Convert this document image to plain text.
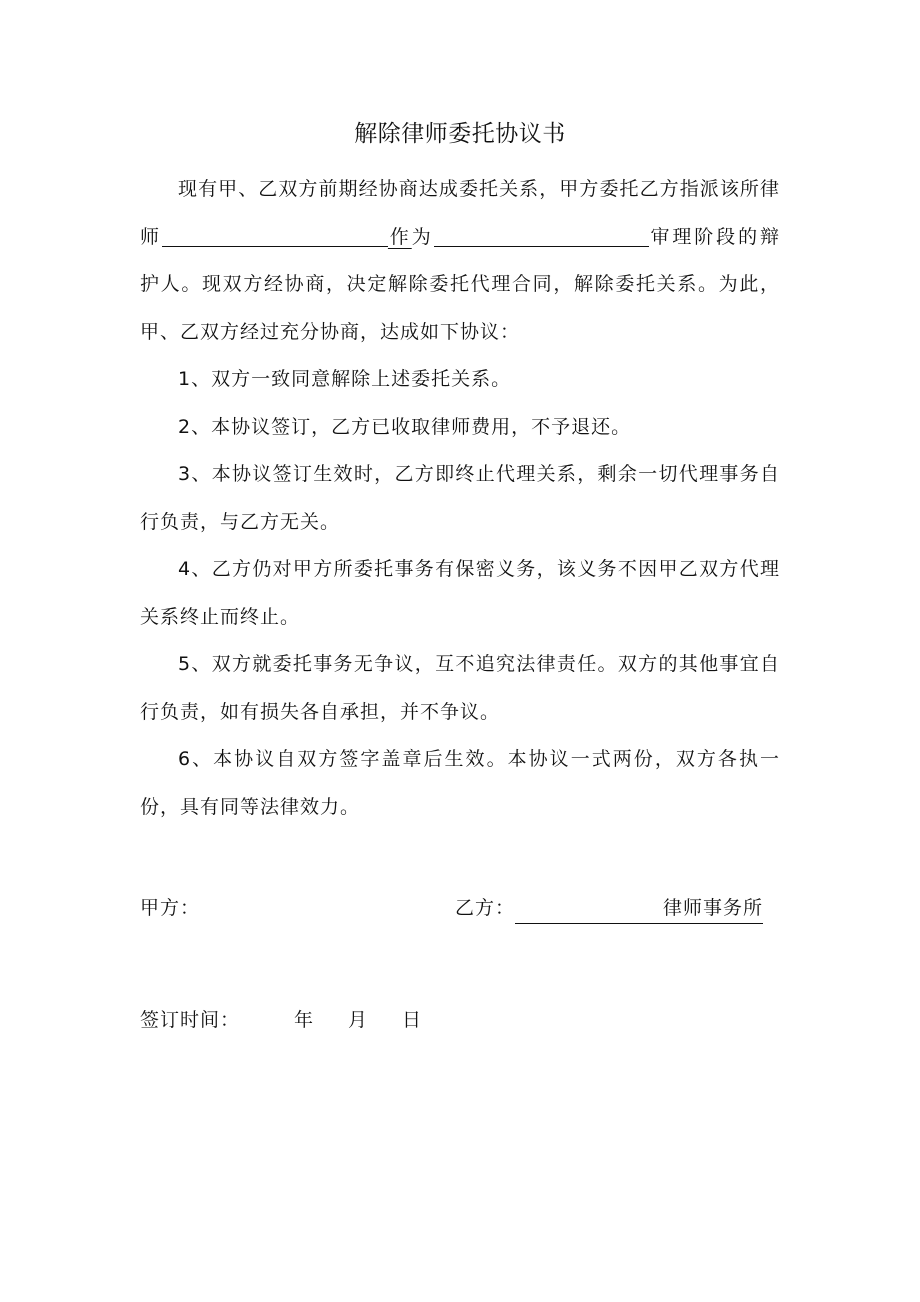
解除律师委托协议书

现有甲、乙双方前期经协商达成委托关系，甲方委托乙方指派该所律师	作为	审理阶段的辩护人。现双方经协商，决定解除委托代理合同，解除委托关系。为此，甲、乙双方经过充分协商，达成如下协议：

1、双方一致同意解除上述委托关系。

2、本协议签订，乙方已收取律师费用，不予退还。

3、本协议签订生效时，乙方即终止代理关系，剩余一切代理事务自行负责，与乙方无关。

4、乙方仍对甲方所委托事务有保密义务，该义务不因甲乙双方代理关系终止而终止。

5、双方就委托事务无争议，互不追究法律责任。双方的其他事宜自行负责，如有损失各自承担，并不争议。

6、本协议自双方签字盖章后生效。本协议一式两份，双方各执一份，具有同等法律效力。

甲方：	乙方：	律师事务所
签订时间：	年 月 日
